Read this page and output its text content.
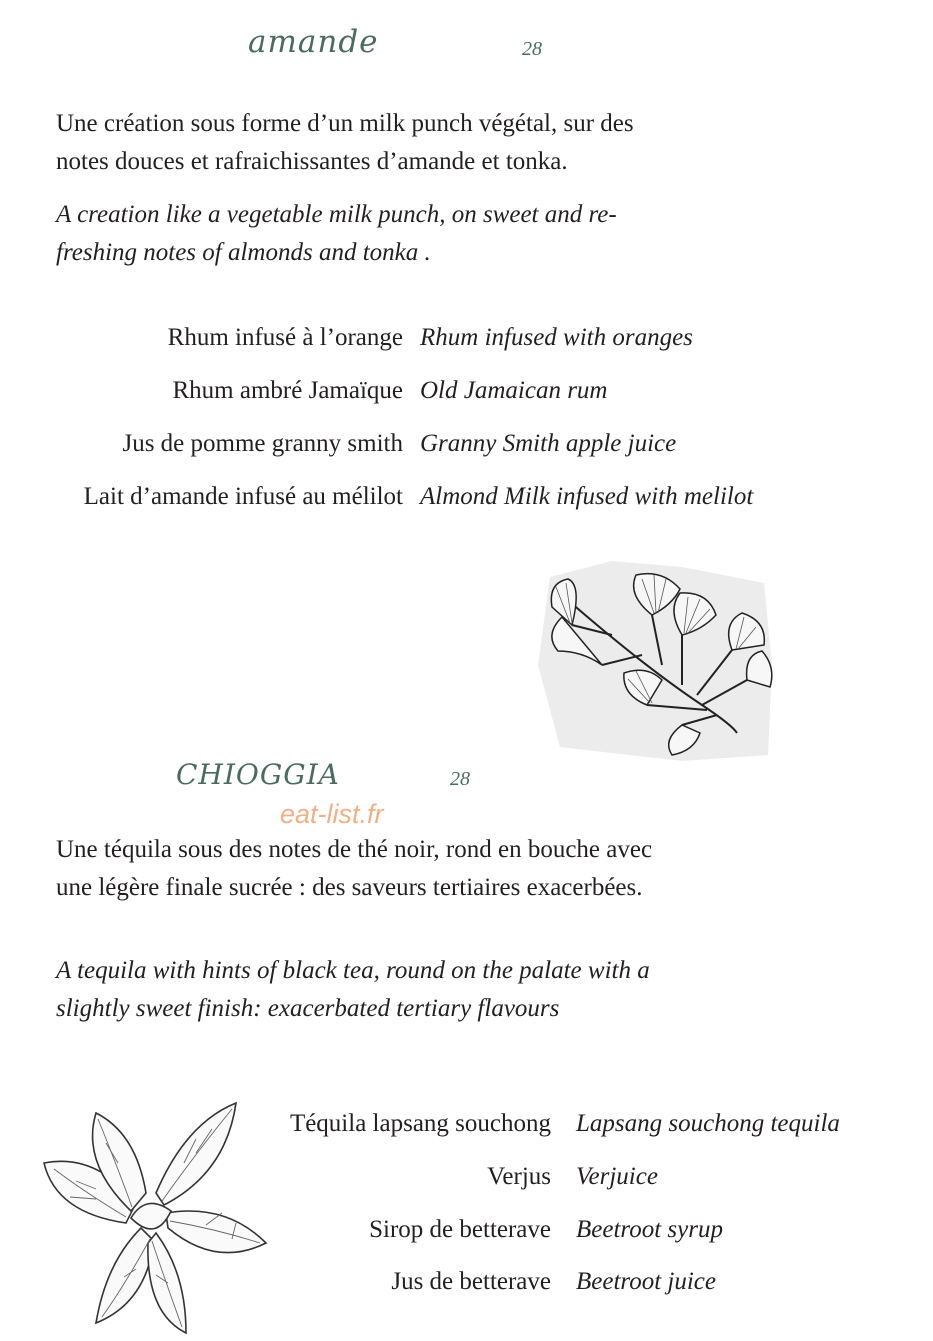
amande	28
Une création sous forme d’un milk punch végétal, sur des
notes douces et rafraichissantes d’amande et tonka.
A creation like a vegetable milk punch, on sweet and re-
freshing notes of almonds and tonka .
Rhum infusé à l’orange Rhum infused with oranges
Rhum ambré Jamaïque Old Jamaican rum
Jus de pomme granny smith Granny Smith apple juice
Lait d’amande infusé au mélilot Almond Milk infused with melilot
CHIOGGIA	28
eat-list.fr
Une téquila sous des notes de thé noir, rond en bouche avec
une légère finale sucrée : des saveurs tertiaires exacerbées.
A tequila with hints of black tea, round on the palate with a
slightly sweet finish: exacerbated tertiary flavours
Téquila lapsang souchong Lapsang souchong tequila
Verjus Verjuice
Sirop de betterave Beetroot syrup
Jus de betterave Beetroot juice
